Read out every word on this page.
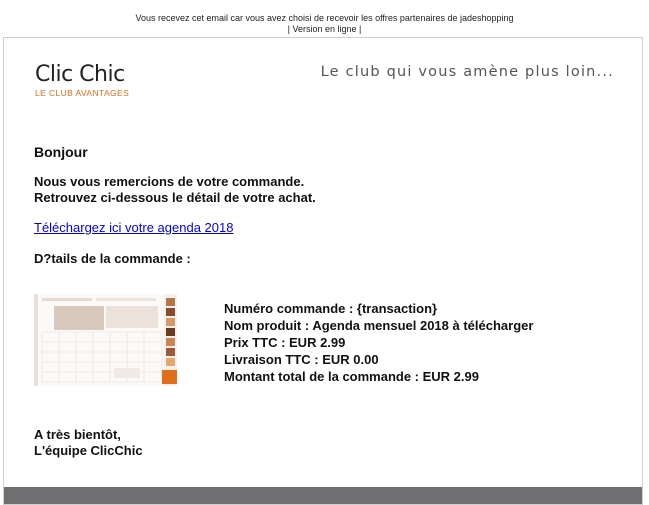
Vous recevez cet email car vous avez choisi de recevoir les offres partenaires de jadeshopping
| Version en ligne |
Clic Chic
LE CLUB AVANTAGES
Le club qui vous amène plus loin...
Bonjour
Nous vous remercions de votre commande.
Retrouvez ci-dessous le détail de votre achat.
Téléchargez ici votre agenda 2018
D?tails de la commande :
Numéro commande : {transaction}
Nom produit : Agenda mensuel 2018 à télécharger
Prix TTC : EUR 2.99
Livraison TTC : EUR 0.00
Montant total de la commande : EUR 2.99
A très bientôt,
L'équipe ClicChic
